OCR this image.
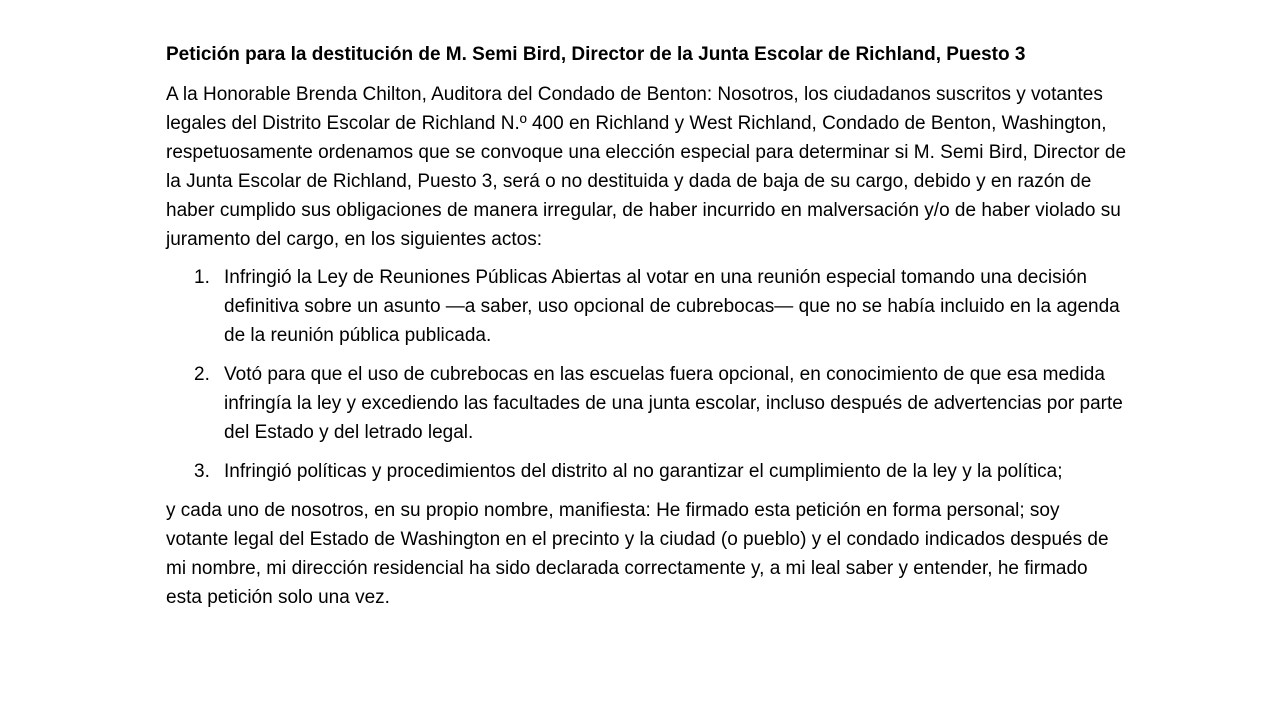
Petición para la destitución de M. Semi Bird, Director de la Junta Escolar de Richland, Puesto 3

A la Honorable Brenda Chilton, Auditora del Condado de Benton: Nosotros, los ciudadanos suscritos y votantes legales del Distrito Escolar de Richland N.º 400 en Richland y West Richland, Condado de Benton, Washington, respetuosamente ordenamos que se convoque una elección especial para determinar si M. Semi Bird, Director de la Junta Escolar de Richland, Puesto 3, será o no destituida y dada de baja de su cargo, debido y en razón de haber cumplido sus obligaciones de manera irregular, de haber incurrido en malversación y/o de haber violado su juramento del cargo, en los siguientes actos:

1. Infringió la Ley de Reuniones Públicas Abiertas al votar en una reunión especial tomando una decisión definitiva sobre un asunto —a saber, uso opcional de cubrebocas— que no se había incluido en la agenda de la reunión pública publicada.
2. Votó para que el uso de cubrebocas en las escuelas fuera opcional, en conocimiento de que esa medida infringía la ley y excediendo las facultades de una junta escolar, incluso después de advertencias por parte del Estado y del letrado legal.
3. Infringió políticas y procedimientos del distrito al no garantizar el cumplimiento de la ley y la política;

y cada uno de nosotros, en su propio nombre, manifiesta: He firmado esta petición en forma personal; soy votante legal del Estado de Washington en el precinto y la ciudad (o pueblo) y el condado indicados después de mi nombre, mi dirección residencial ha sido declarada correctamente y, a mi leal saber y entender, he firmado esta petición solo una vez.
